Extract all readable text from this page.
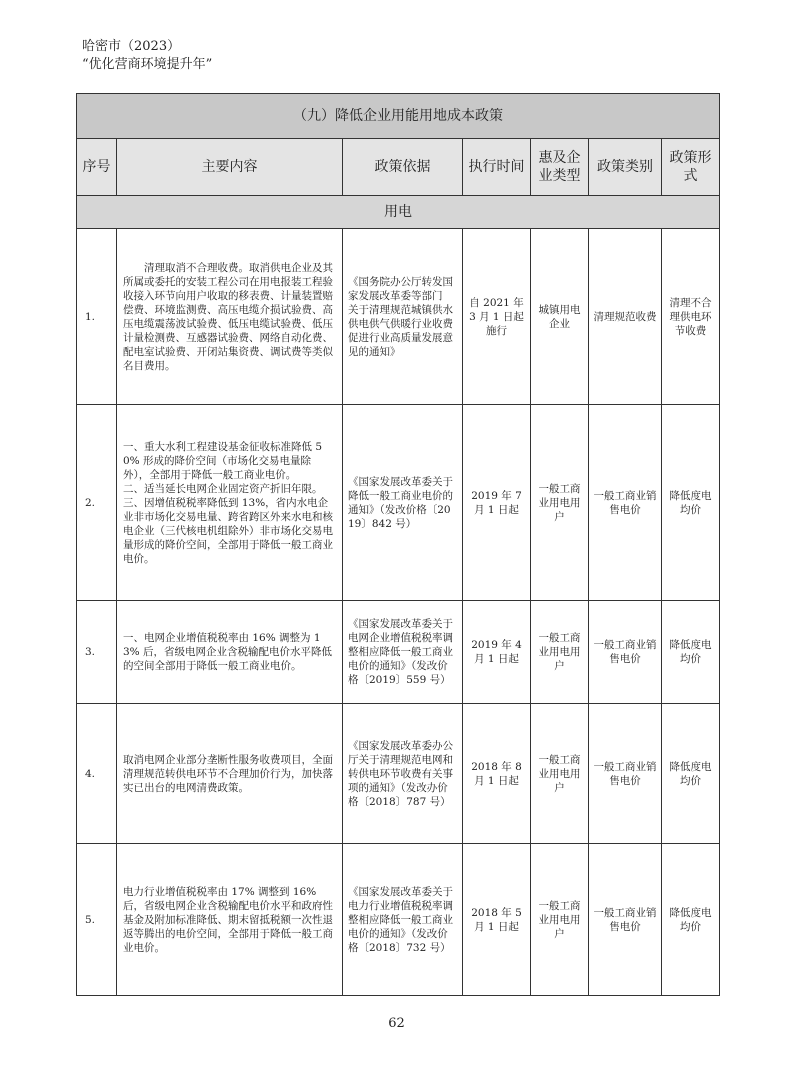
哈密市（2023）
“优化营商环境提升年”
（九）降低企业用能用地成本政策						
序号	主要内容	政策依据	执行时间	惠及企业类型	政策类别	政策形式
用电						
1.	清理取消不合理收费。取消供电企业及其所属或委托的安装工程公司在用电报装工程验收接入环节向用户收取的移表费、计量装置赔偿费、环境监测费、高压电缆介损试验费、高压电缆震荡波试验费、低压电缆试验费、低压计量检测费、互感器试验费、网络自动化费、配电室试验费、开闭站集资费、调试费等类似名目费用。	《国务院办公厅转发国家发展改革委等部门
关于清理规范城镇供水供电供气供暖行业收费
促进行业高质量发展意见的通知》	自 2021 年 3 月 1 日起施行	城镇用电企业	清理规范收费	清理不合理供电环节收费
2.	一、重大水利工程建设基金征收标准降低 50% 形成的降价空间（市场化交易电量除外），全部用于降低一般工商业电价。
二、适当延长电网企业固定资产折旧年限。
三、因增值税税率降低到 13%，省内水电企业非市场化交易电量、跨省跨区外来水电和核电企业（三代核电机组除外）非市场化交易电量形成的降价空间，全部用于降低一般工商业电价。	《国家发展改革委关于降低一般工商业电价的通知》（发改价格〔2019〕842 号）	2019 年 7 月 1 日起	一般工商业用电用户	一般工商业销售电价	降低度电均价
3.	一、电网企业增值税税率由 16% 调整为 13% 后，省级电网企业含税输配电价水平降低的空间全部用于降低一般工商业电价。	《国家发展改革委关于电网企业增值税税率调整相应降低一般工商业电价的通知》（发改价格〔2019〕559 号）	2019 年 4 月 1 日起	一般工商业用电用户	一般工商业销售电价	降低度电均价
4.	取消电网企业部分垄断性服务收费项目，全面清理规范转供电环节不合理加价行为，加快落实已出台的电网清费政策。	《国家发展改革委办公厅关于清理规范电网和转供电环节收费有关事项的通知》（发改办价格〔2018〕787 号）	2018 年 8 月 1 日起	一般工商业用电用户	一般工商业销售电价	降低度电均价
5.	电力行业增值税税率由 17% 调整到 16% 后，省级电网企业含税输配电价水平和政府性基金及附加标准降低、期末留抵税额一次性退返等腾出的电价空间，全部用于降低一般工商业电价。	《国家发展改革委关于电力行业增值税税率调整相应降低一般工商业电价的通知》（发改价格〔2018〕732 号）	2018 年 5 月 1 日起	一般工商业用电用户	一般工商业销售电价	降低度电均价
62
